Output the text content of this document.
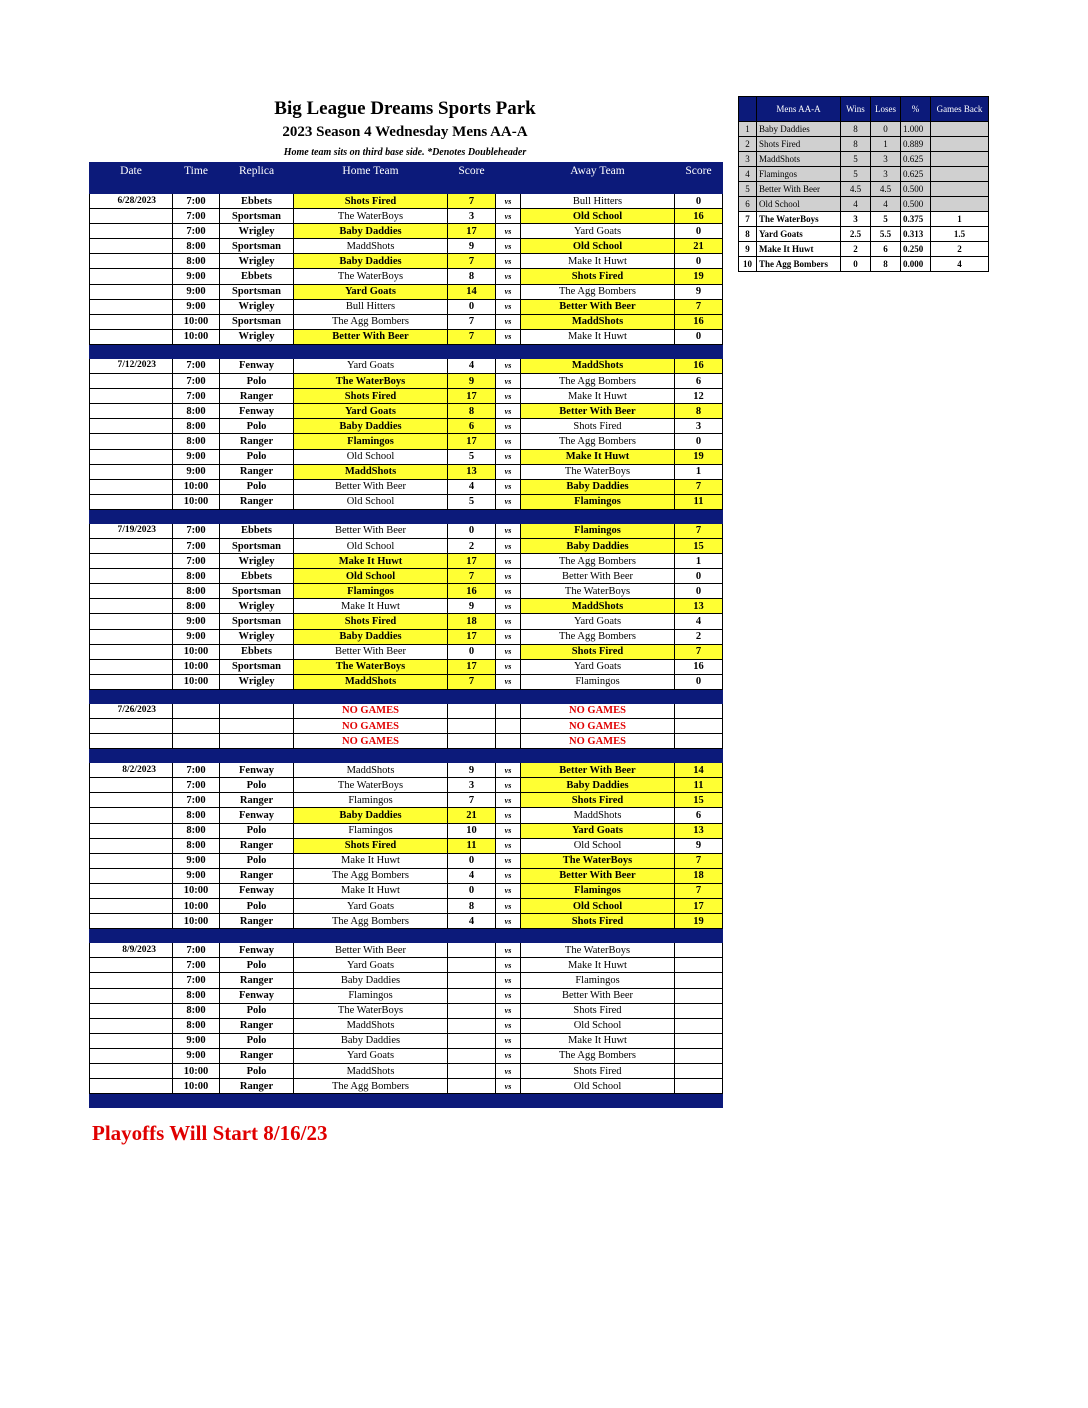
Big League Dreams Sports Park
2023 Season 4 Wednesday Mens AA-A
Home team sits on third base side. *Denotes Doubleheader
Date	Time	Replica	Home Team	Score		Away Team	Score

6/28/2023	7:00	Ebbets	Shots Fired	7	vs	Bull Hitters	0
	7:00	Sportsman	The WaterBoys	3	vs	Old School	16
	7:00	Wrigley	Baby Daddies	17	vs	Yard Goats	0
	8:00	Sportsman	MaddShots	9	vs	Old School	21
	8:00	Wrigley	Baby Daddies	7	vs	Make It Huwt	0
	9:00	Ebbets	The WaterBoys	8	vs	Shots Fired	19
	9:00	Sportsman	Yard Goats	14	vs	The Agg Bombers	9
	9:00	Wrigley	Bull Hitters	0	vs	Better With Beer	7
	10:00	Sportsman	The Agg Bombers	7	vs	MaddShots	16
	10:00	Wrigley	Better With Beer	7	vs	Make It Huwt	0

7/12/2023	7:00	Fenway	Yard Goats	4	vs	MaddShots	16
	7:00	Polo	The WaterBoys	9	vs	The Agg Bombers	6
	7:00	Ranger	Shots Fired	17	vs	Make It Huwt	12
	8:00	Fenway	Yard Goats	8	vs	Better With Beer	8
	8:00	Polo	Baby Daddies	6	vs	Shots Fired	3
	8:00	Ranger	Flamingos	17	vs	The Agg Bombers	0
	9:00	Polo	Old School	5	vs	Make It Huwt	19
	9:00	Ranger	MaddShots	13	vs	The WaterBoys	1
	10:00	Polo	Better With Beer	4	vs	Baby Daddies	7
	10:00	Ranger	Old School	5	vs	Flamingos	11

7/19/2023	7:00	Ebbets	Better With Beer	0	vs	Flamingos	7
	7:00	Sportsman	Old School	2	vs	Baby Daddies	15
	7:00	Wrigley	Make It Huwt	17	vs	The Agg Bombers	1
	8:00	Ebbets	Old School	7	vs	Better With Beer	0
	8:00	Sportsman	Flamingos	16	vs	The WaterBoys	0
	8:00	Wrigley	Make It Huwt	9	vs	MaddShots	13
	9:00	Sportsman	Shots Fired	18	vs	Yard Goats	4
	9:00	Wrigley	Baby Daddies	17	vs	The Agg Bombers	2
	10:00	Ebbets	Better With Beer	0	vs	Shots Fired	7
	10:00	Sportsman	The WaterBoys	17	vs	Yard Goats	16
	10:00	Wrigley	MaddShots	7	vs	Flamingos	0

7/26/2023			NO GAMES			NO GAMES	
			NO GAMES			NO GAMES	
			NO GAMES			NO GAMES	

8/2/2023	7:00	Fenway	MaddShots	9	vs	Better With Beer	14
	7:00	Polo	The WaterBoys	3	vs	Baby Daddies	11
	7:00	Ranger	Flamingos	7	vs	Shots Fired	15
	8:00	Fenway	Baby Daddies	21	vs	MaddShots	6
	8:00	Polo	Flamingos	10	vs	Yard Goats	13
	8:00	Ranger	Shots Fired	11	vs	Old School	9
	9:00	Polo	Make It Huwt	0	vs	The WaterBoys	7
	9:00	Ranger	The Agg Bombers	4	vs	Better With Beer	18
	10:00	Fenway	Make It Huwt	0	vs	Flamingos	7
	10:00	Polo	Yard Goats	8	vs	Old School	17
	10:00	Ranger	The Agg Bombers	4	vs	Shots Fired	19

8/9/2023	7:00	Fenway	Better With Beer		vs	The WaterBoys	
	7:00	Polo	Yard Goats		vs	Make It Huwt	
	7:00	Ranger	Baby Daddies		vs	Flamingos	
	8:00	Fenway	Flamingos		vs	Better With Beer	
	8:00	Polo	The WaterBoys		vs	Shots Fired	
	8:00	Ranger	MaddShots		vs	Old School	
	9:00	Polo	Baby Daddies		vs	Make It Huwt	
	9:00	Ranger	Yard Goats		vs	The Agg Bombers	
	10:00	Polo	MaddShots		vs	Shots Fired	
	10:00	Ranger	The Agg Bombers		vs	Old School	

	Mens AA-A	Wins	Loses	%	Games Back
1	Baby Daddies	8	0	1.000	
2	Shots Fired	8	1	0.889	
3	MaddShots	5	3	0.625	
4	Flamingos	5	3	0.625	
5	Better With Beer	4.5	4.5	0.500	
6	Old School	4	4	0.500	
7	The WaterBoys	3	5	0.375	1
8	Yard Goats	2.5	5.5	0.313	1.5
9	Make It Huwt	2	6	0.250	2
10	The Agg Bombers	0	8	0.000	4
Playoffs Will Start 8/16/23
